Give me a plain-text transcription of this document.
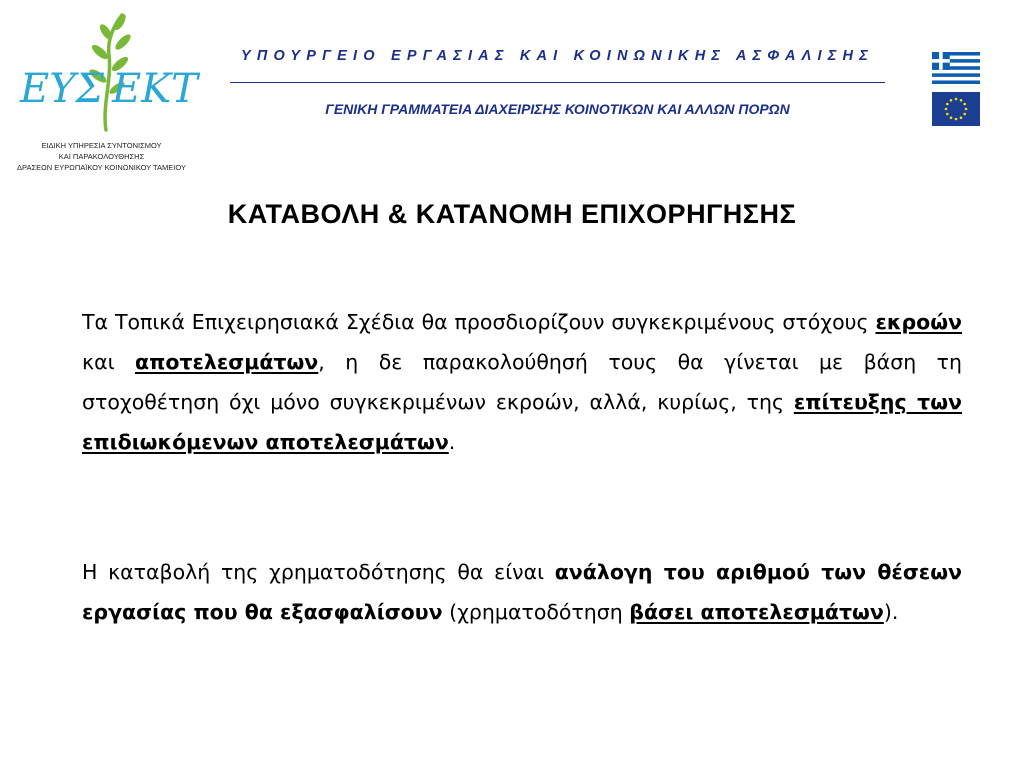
ΕΥΣ ΕΚΤ
ΕΙΔΙΚΗ ΥΠΗΡΕΣΙΑ ΣΥΝΤΟΝΙΣΜΟΥ
ΚΑΙ ΠΑΡΑΚΟΛΟΥΘΗΣΗΣ
ΔΡΑΣΕΩΝ ΕΥΡΩΠΑΪΚΟΥ ΚΟΙΝΩΝΙΚΟΥ ΤΑΜΕΙΟΥ
ΥΠΟΥΡΓΕΙΟ ΕΡΓΑΣΙΑΣ ΚΑΙ ΚΟΙΝΩΝΙΚΗΣ ΑΣΦΑΛΙΣΗΣ
ΓΕΝΙΚΗ ΓΡΑΜΜΑΤΕΙΑ ΔΙΑΧΕΙΡΙΣΗΣ ΚΟΙΝΟΤΙΚΩΝ ΚΑΙ ΑΛΛΩΝ ΠΟΡΩΝ
ΚΑΤΑΒΟΛΗ & ΚΑΤΑΝΟΜΗ ΕΠΙΧΟΡΗΓΗΣΗΣ

Τα Τοπικά Επιχειρησιακά Σχέδια θα προσδιορίζουν συγκεκριμένους στόχους εκροών και αποτελεσμάτων, η δε παρακολούθησή τους θα γίνεται με βάση τη στοχοθέτηση όχι μόνο συγκεκριμένων εκροών, αλλά, κυρίως, της επίτευξης των επιδιωκόμενων αποτελεσμάτων.

Η καταβολή της χρηματοδότησης θα είναι ανάλογη του αριθμού των θέσεων εργασίας που θα εξασφαλίσουν (χρηματοδότηση βάσει αποτελεσμάτων).
